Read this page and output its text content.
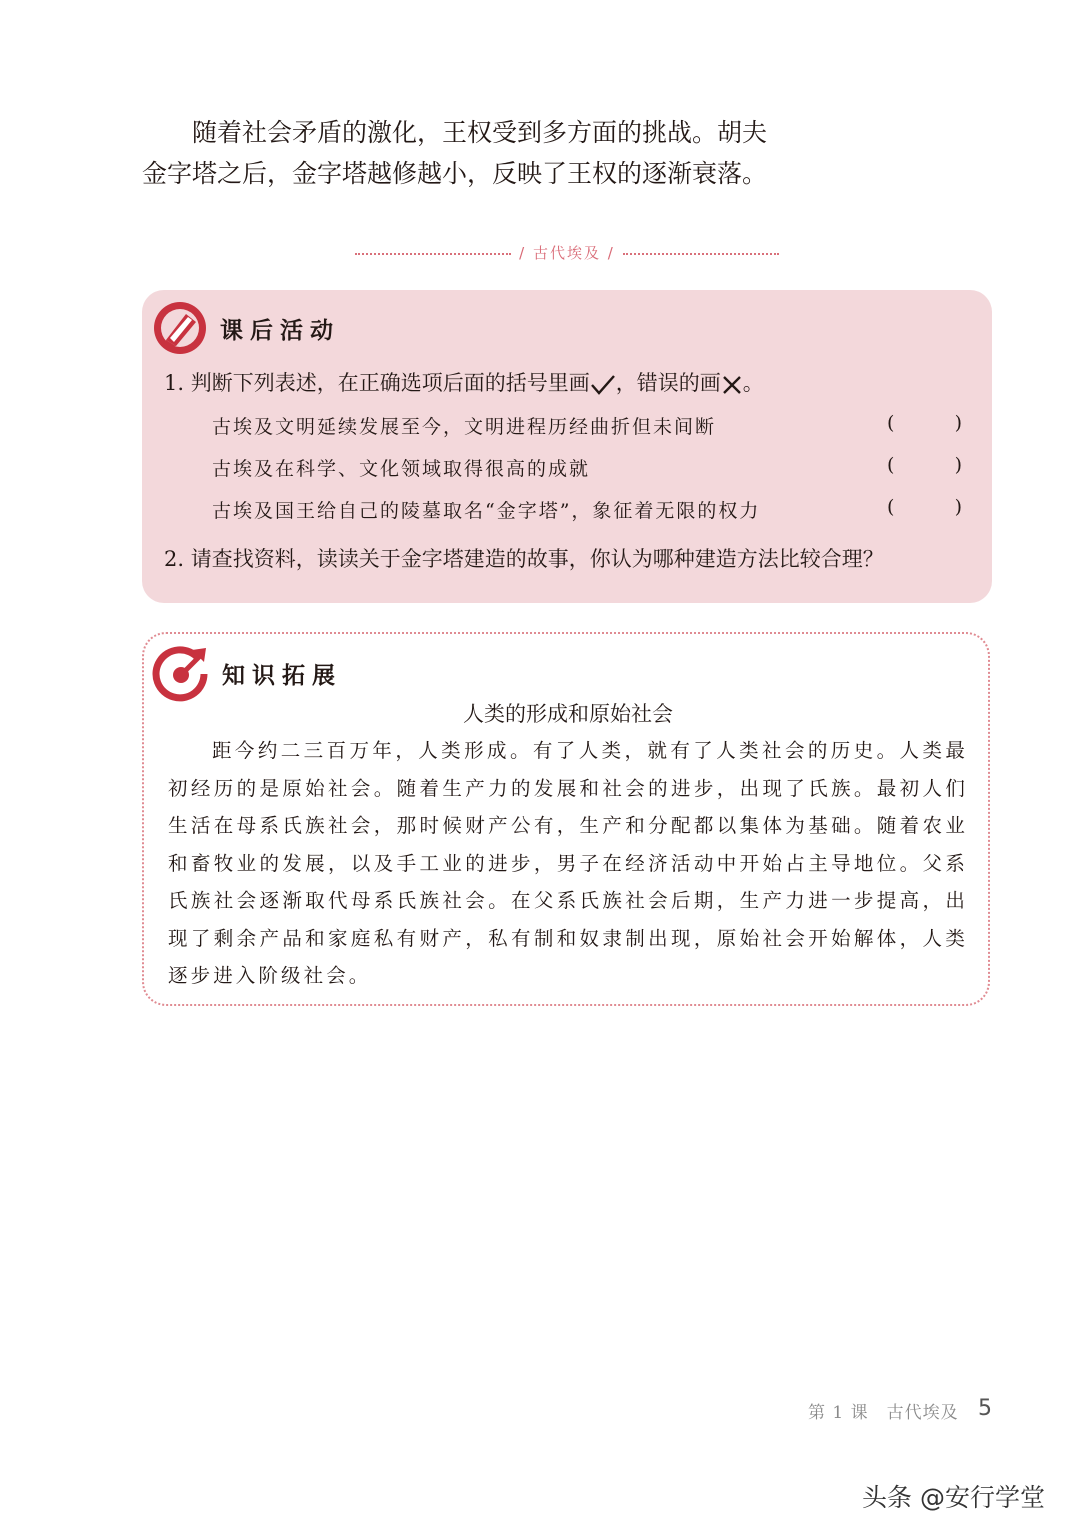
随着社会矛盾的激化，王权受到多方面的挑战。胡夫

金字塔之后，金字塔越修越小，反映了王权的逐渐衰落。

/ 古代埃及 /
课后活动

1. 判断下列表述，在正确选项后面的括号里画 ，错误的画 。

古埃及文明延续发展至今，文明进程历经曲折但未间断	(	)
古埃及在科学、文化领域取得很高的成就	(	)
古埃及国王给自己的陵墓取名“金字塔”，象征着无限的权力	(	)

2. 请查找资料，读读关于金字塔建造的故事，你认为哪种建造方法比较合理？

知识拓展

人类的形成和原始社会

距今约二三百万年，人类形成。有了人类，就有了人类社会的历史。人类最初经历的是原始社会。随着生产力的发展和社会的进步，出现了氏族。最初人们生活在母系氏族社会，那时候财产公有，生产和分配都以集体为基础。随着农业和畜牧业的发展，以及手工业的进步，男子在经济活动中开始占主导地位。父系氏族社会逐渐取代母系氏族社会。在父系氏族社会后期，生产力进一步提高，出现了剩余产品和家庭私有财产，私有制和奴隶制出现，原始社会开始解体，人类逐步进入阶级社会。

第 1 课　古代埃及 5
头条 @安行学堂
